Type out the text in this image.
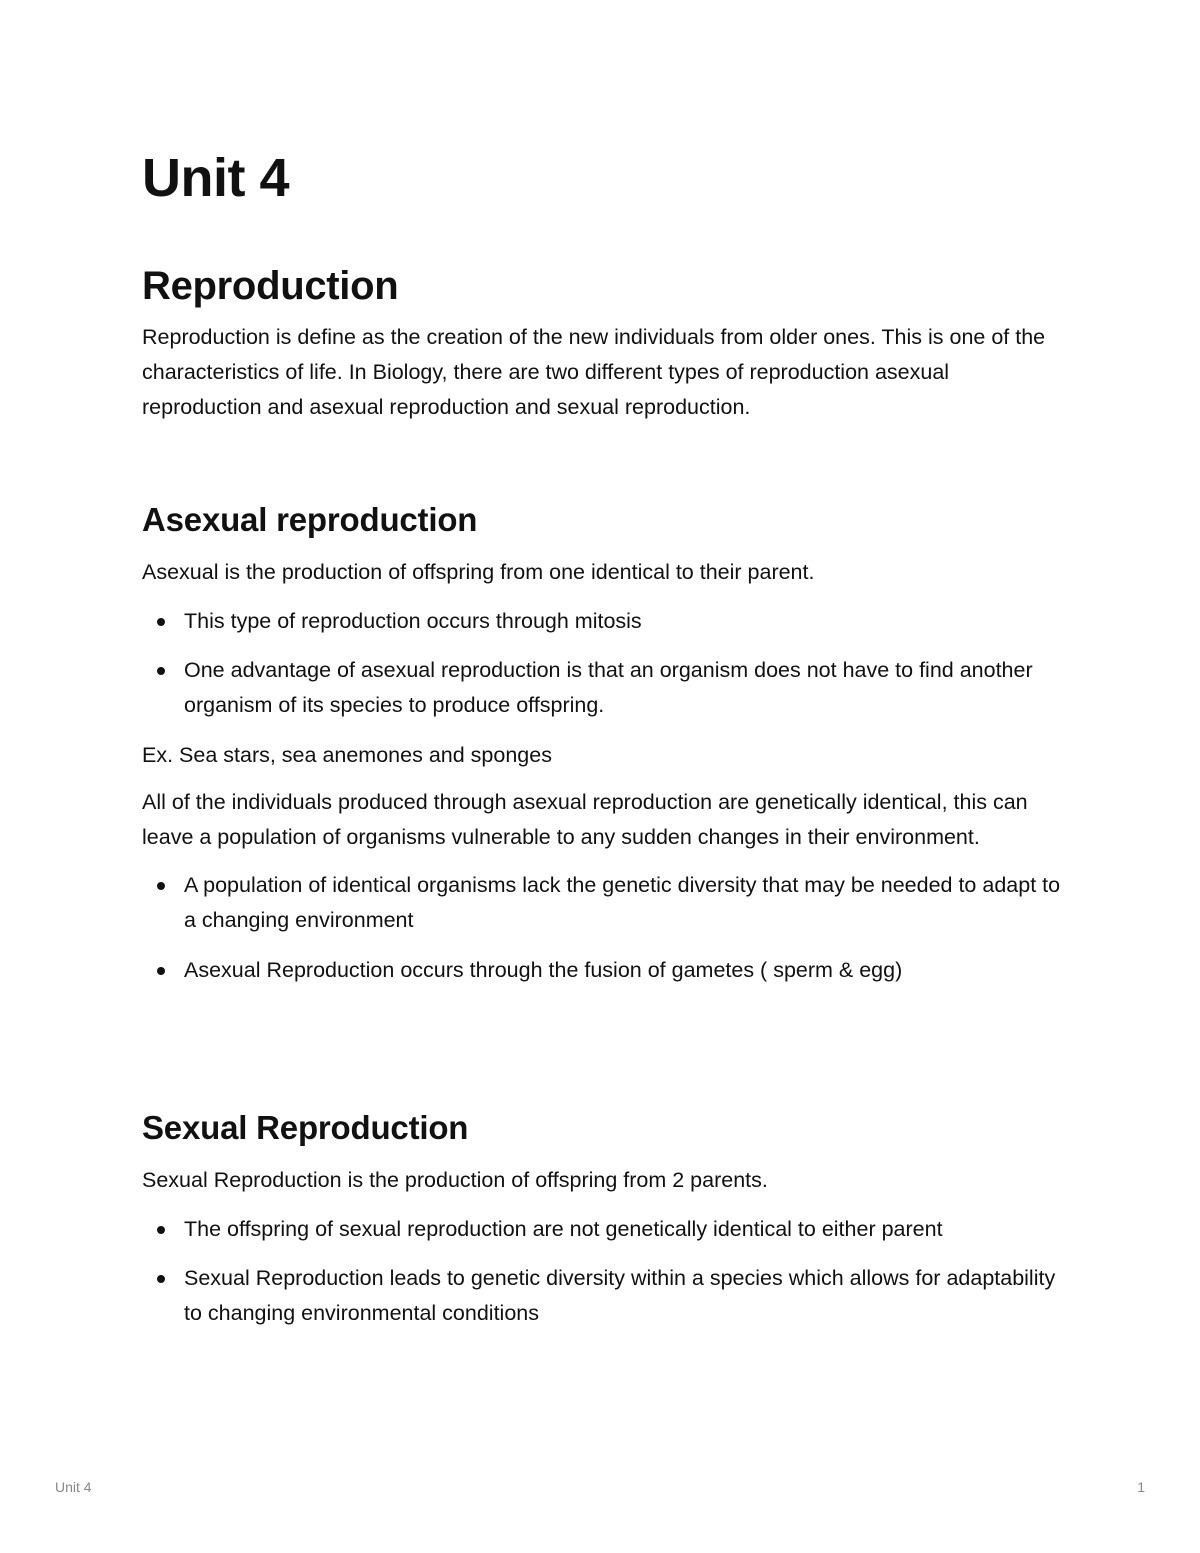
Unit 4
Reproduction

Reproduction is define as the creation of the new individuals from older ones. This is one of the characteristics of life. In Biology, there are two different types of reproduction asexual reproduction and asexual reproduction and sexual reproduction.

Asexual reproduction

Asexual is the production of offspring from one identical to their parent.

This type of reproduction occurs through mitosis
One advantage of asexual reproduction is that an organism does not have to find another organism of its species to produce offspring.

Ex. Sea stars, sea anemones and sponges

All of the individuals produced through asexual reproduction are genetically identical, this can leave a population of organisms vulnerable to any sudden changes in their environment.

A population of identical organisms lack the genetic diversity that may be needed to adapt to a changing environment
Asexual Reproduction occurs through the fusion of gametes ( sperm & egg)
Sexual Reproduction

Sexual Reproduction is the production of offspring from 2 parents.

The offspring of sexual reproduction are not genetically identical to either parent
Sexual Reproduction leads to genetic diversity within a species which allows for adaptability to changing environmental conditions
Unit 4	1
